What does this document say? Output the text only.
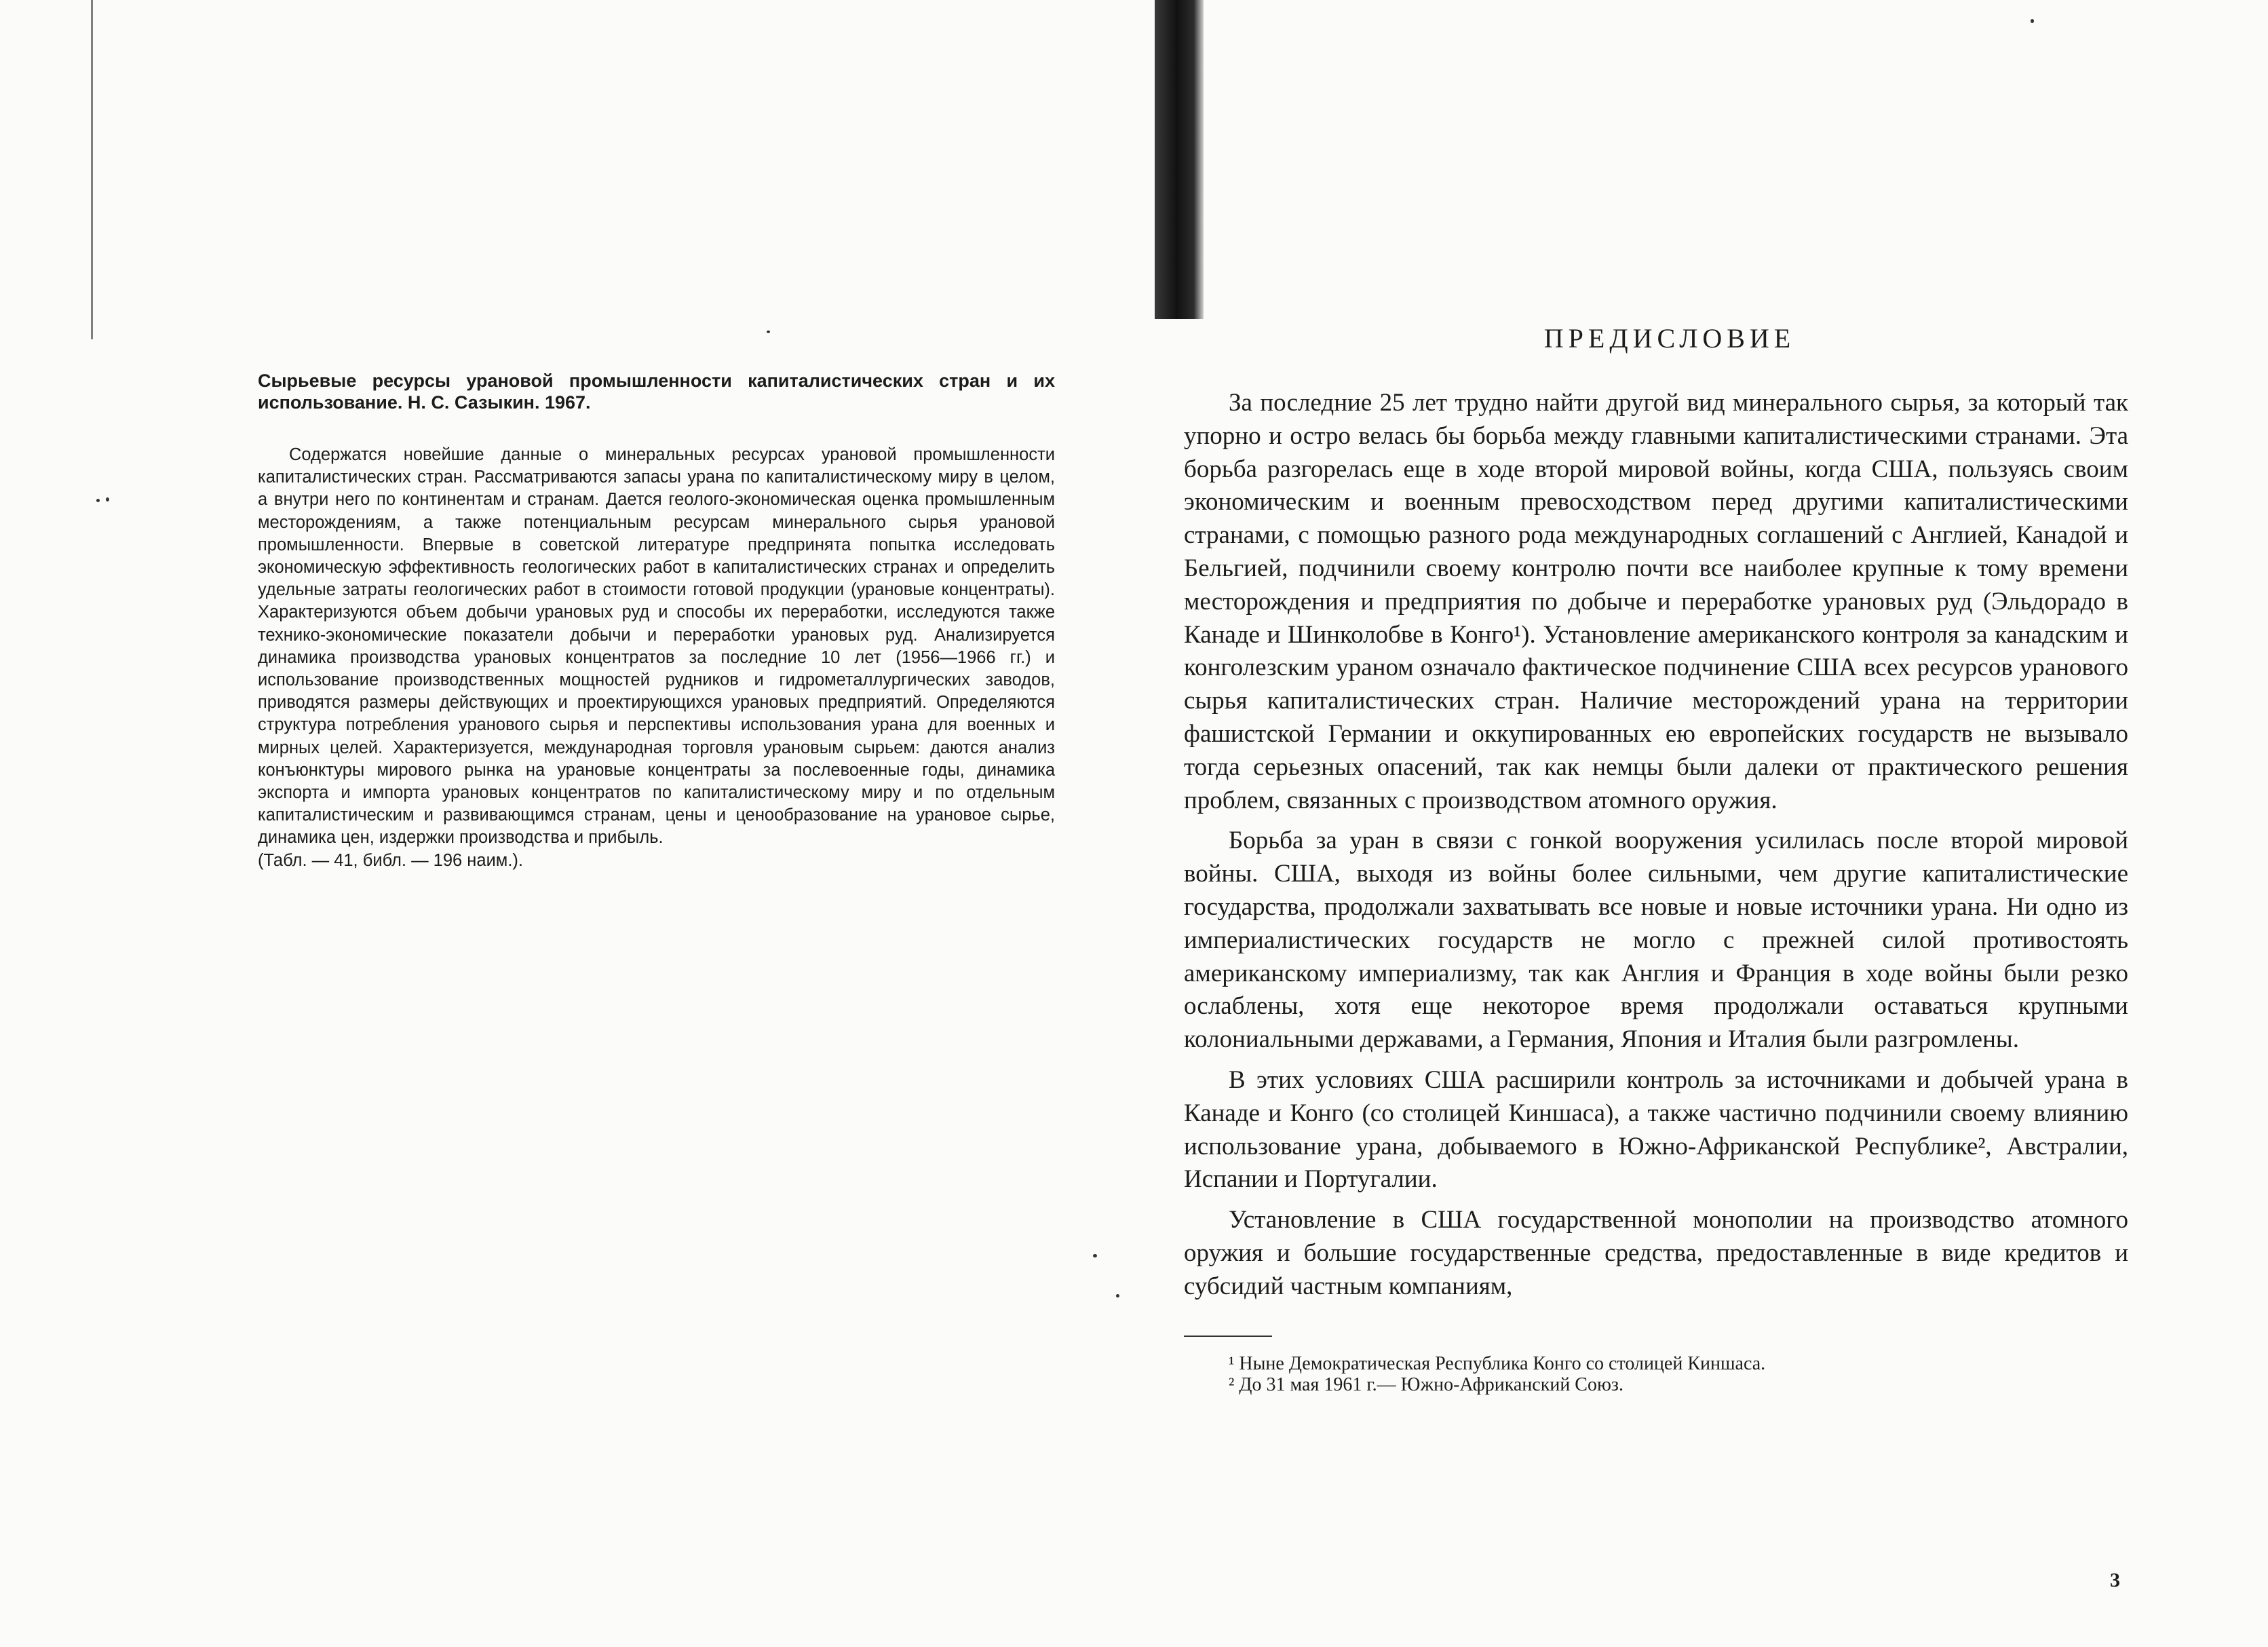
Сырьевые ресурсы урановой промышленности капиталистических стран и их использование. Н. С. Сазыкин. 1967.

Содержатся новейшие данные о минеральных ресурсах урановой промышленности капиталистических стран. Рассматриваются запасы урана по капиталистическому миру в целом, а внутри него по континентам и странам. Дается геолого-экономическая оценка промышленным месторождениям, а также потенциальным ресурсам минерального сырья урановой промышленности. Впервые в советской литературе предпринята попытка исследовать экономическую эффективность геологических работ в капиталистических странах и определить удельные затраты геологических работ в стоимости готовой продукции (урановые концентраты). Характеризуются объем добычи урановых руд и способы их переработки, исследуются также технико-экономические показатели добычи и переработки урановых руд. Анализируется динамика производства урановых концентратов за последние 10 лет (1956—1966 гг.) и использование производственных мощностей рудников и гидрометаллургических заводов, приводятся размеры действующих и проектирующихся урановых предприятий. Определяются структура потребления уранового сырья и перспективы использования урана для военных и мирных целей. Характеризуется, международная торговля урановым сырьем: даются анализ конъюнктуры мирового рынка на урановые концентраты за послевоенные годы, динамика экспорта и импорта урановых концентратов по капиталистическому миру и по отдельным капиталистическим и развивающимся странам, цены и ценообразование на урановое сырье, динамика цен, издержки производства и прибыль.

(Табл. — 41, библ. — 196 наим.).

ПРЕДИСЛОВИЕ

За последние 25 лет трудно найти другой вид минерального сырья, за который так упорно и остро велась бы борьба между главными капиталистическими странами. Эта борьба разгорелась еще в ходе второй мировой войны, когда США, пользуясь своим экономическим и военным превосходством перед другими капиталистическими странами, с помощью разного рода международных соглашений с Англией, Канадой и Бельгией, подчинили своему контролю почти все наиболее крупные к тому времени месторождения и предприятия по добыче и переработке урановых руд (Эльдорадо в Канаде и Шинколобве в Конго¹). Установление американского контроля за канадским и конголезским ураном означало фактическое подчинение США всех ресурсов уранового сырья капиталистических стран. Наличие месторождений урана на территории фашистской Германии и оккупированных ею европейских государств не вызывало тогда серьезных опасений, так как немцы были далеки от практического решения проблем, связанных с производством атомного оружия.

Борьба за уран в связи с гонкой вооружения усилилась после второй мировой войны. США, выходя из войны более сильными, чем другие капиталистические государства, продолжали захватывать все новые и новые источники урана. Ни одно из империалистических государств не могло с прежней силой противостоять американскому империализму, так как Англия и Франция в ходе войны были резко ослаблены, хотя еще некоторое время продолжали оставаться крупными колониальными державами, а Германия, Япония и Италия были разгромлены.

В этих условиях США расширили контроль за источниками и добычей урана в Канаде и Конго (со столицей Киншаса), а также частично подчинили своему влиянию использование урана, добываемого в Южно-Африканской Республике², Австралии, Испании и Португалии.

Установление в США государственной монополии на производство атомного оружия и большие государственные средства, предоставленные в виде кредитов и субсидий частным компаниям,

¹ Ныне Демократическая Республика Конго со столицей Киншаса.

² До 31 мая 1961 г.— Южно-Африканский Союз.

3
